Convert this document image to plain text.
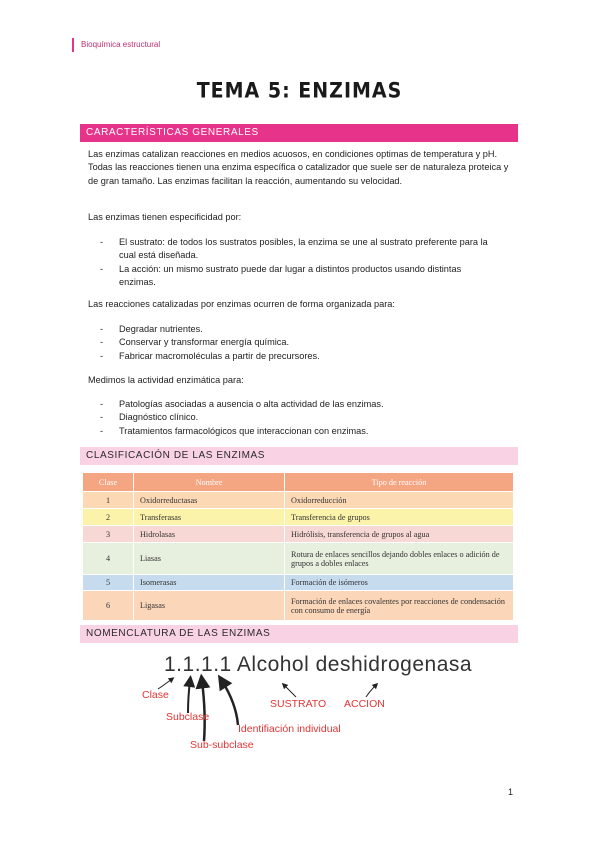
Bioquímica estructural
TEMA 5: ENZIMAS
CARACTERÍSTICAS GENERALES

Las enzimas catalizan reacciones en medios acuosos, en condiciones optimas de temperatura y pH. Todas las reacciones tienen una enzima específica o catalizador que suele ser de naturaleza proteica y de gran tamaño. Las enzimas facilitan la reacción, aumentando su velocidad.

Las enzimas tienen especificidad por:

- El sustrato: de todos los sustratos posibles, la enzima se une al sustrato preferente para la cual está diseñada.
- La acción: un mismo sustrato puede dar lugar a distintos productos usando distintas enzimas.

Las reacciones catalizadas por enzimas ocurren de forma organizada para:

- Degradar nutrientes.
- Conservar y transformar energía química.
- Fabricar macromoléculas a partir de precursores.

Medimos la actividad enzimática para:

- Patologías asociadas a ausencia o alta actividad de las enzimas.
- Diagnóstico clínico.
- Tratamientos farmacológicos que interaccionan con enzimas.
CLASIFICACIÓN DE LAS ENZIMAS
Clase	Nombre	Tipo de reacción
1	Oxidorreductasas	Oxidorreducción
2	Transferasas	Transferencia de grupos
3	Hidrolasas	Hidrólisis, transferencia de grupos al agua
4	Liasas	Rotura de enlaces sencillos dejando dobles enlaces o adición de grupos a dobles enlaces
5	Isomerasas	Formación de isómeros
6	Ligasas	Formación de enlaces covalentes por reacciones de condensación con consumo de energía
NOMENCLATURA DE LAS ENZIMAS
1.1.1.1 Alcohol deshidrogenasa
Clase
Subclase
Sub-subclase
Identifiación individual
SUSTRATO ACCION
1
